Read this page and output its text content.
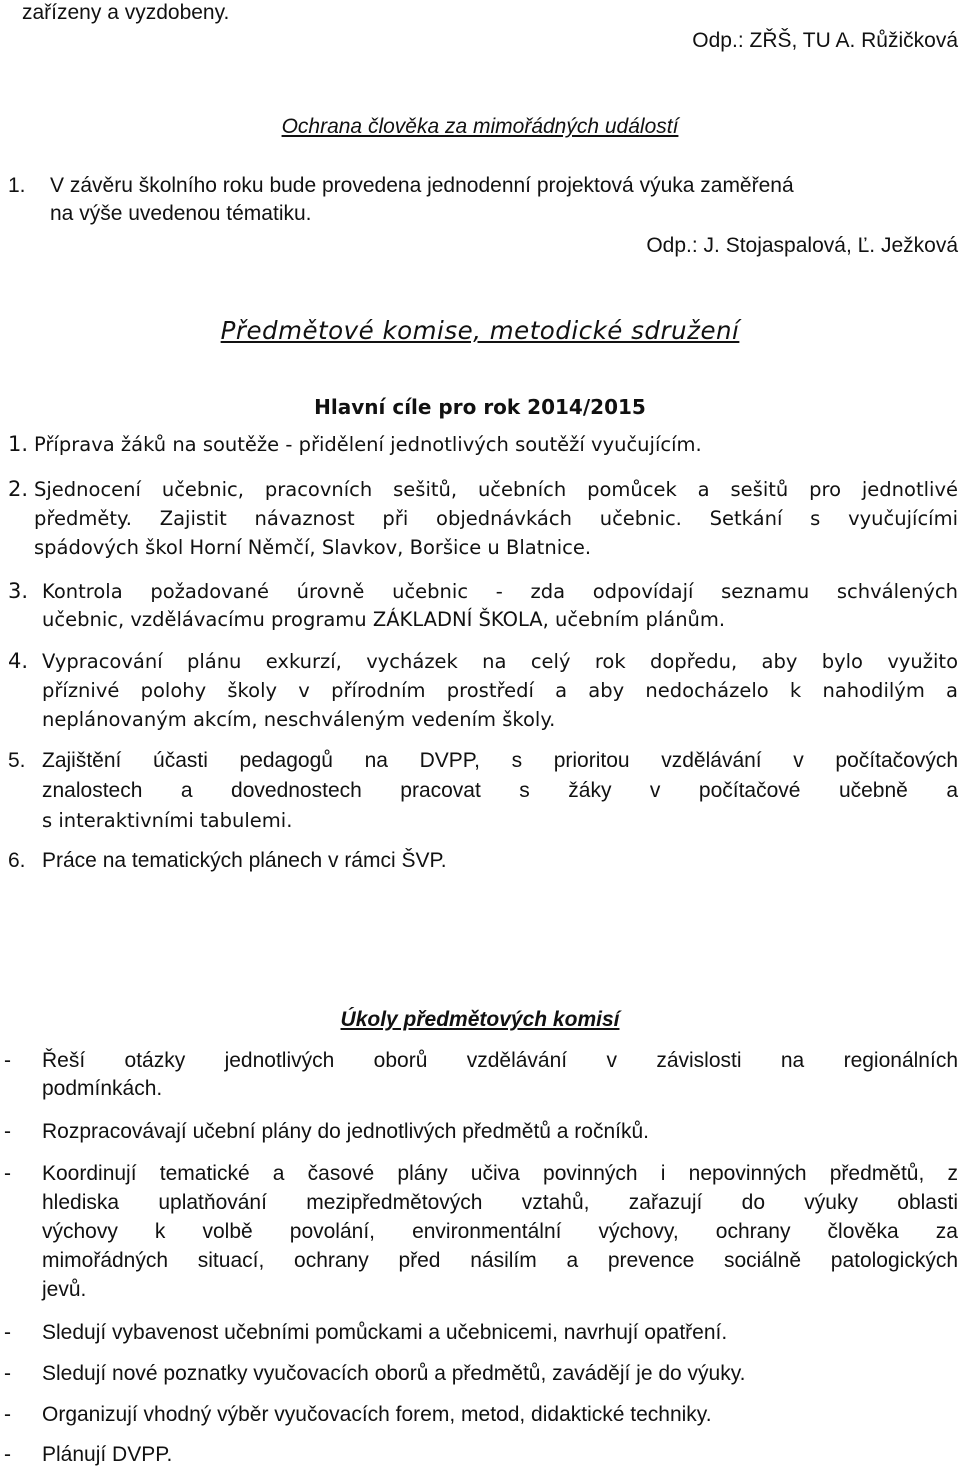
zařízeny a vyzdobeny.
Odp.: ZŘŠ, TU A. Růžičková
Ochrana člověka za mimořádných událostí
1. V závěru školního roku bude provedena jednodenní projektová výuka zaměřená
na výše uvedenou tématiku.
Odp.: J. Stojaspalová, Ľ. Ježková
Předmětové komise, metodické sdružení
Hlavní cíle pro rok 2014/2015
1. Příprava žáků na soutěže - přidělení jednotlivých soutěží vyučujícím.
2. Sjednocení učebnic, pracovních sešitů, učebních pomůcek a sešitů pro jednotlivé
předměty. Zajistit návaznost při objednávkách učebnic. Setkání s vyučujícími
spádových škol Horní Němčí, Slavkov, Boršice u Blatnice.
3. Kontrola požadované úrovně učebnic - zda odpovídají seznamu schválených
učebnic, vzdělávacímu programu ZÁKLADNÍ ŠKOLA, učebním plánům.
4. Vypracování plánu exkurzí, vycházek na celý rok dopředu, aby bylo využito
příznivé polohy školy v přírodním prostředí a aby nedocházelo k nahodilým a
neplánovaným akcím, neschváleným vedením školy.
5. Zajištění účasti pedagogů na DVPP, s prioritou vzdělávání v počítačových
znalostech a dovednostech pracovat s žáky v počítačové učebně a
s interaktivními tabulemi.
6. Práce na tematických plánech v rámci ŠVP.
Úkoly předmětových komisí
- Řeší otázky jednotlivých oborů vzdělávání v závislosti na regionálních
podmínkách.
- Rozpracovávají učební plány do jednotlivých předmětů a ročníků.
- Koordinují tematické a časové plány učiva povinných i nepovinných předmětů, z
hlediska uplatňování mezipředmětových vztahů, zařazují do výuky oblasti
výchovy k volbě povolání, environmentální výchovy, ochrany člověka za
mimořádných situací, ochrany před násilím a prevence sociálně patologických
jevů.
- Sledují vybavenost učebními pomůckami a učebnicemi, navrhují opatření.
- Sledují nové poznatky vyučovacích oborů a předmětů, zavádějí je do výuky.
- Organizují vhodný výběr vyučovacích forem, metod, didaktické techniky.
- Plánují DVPP.
